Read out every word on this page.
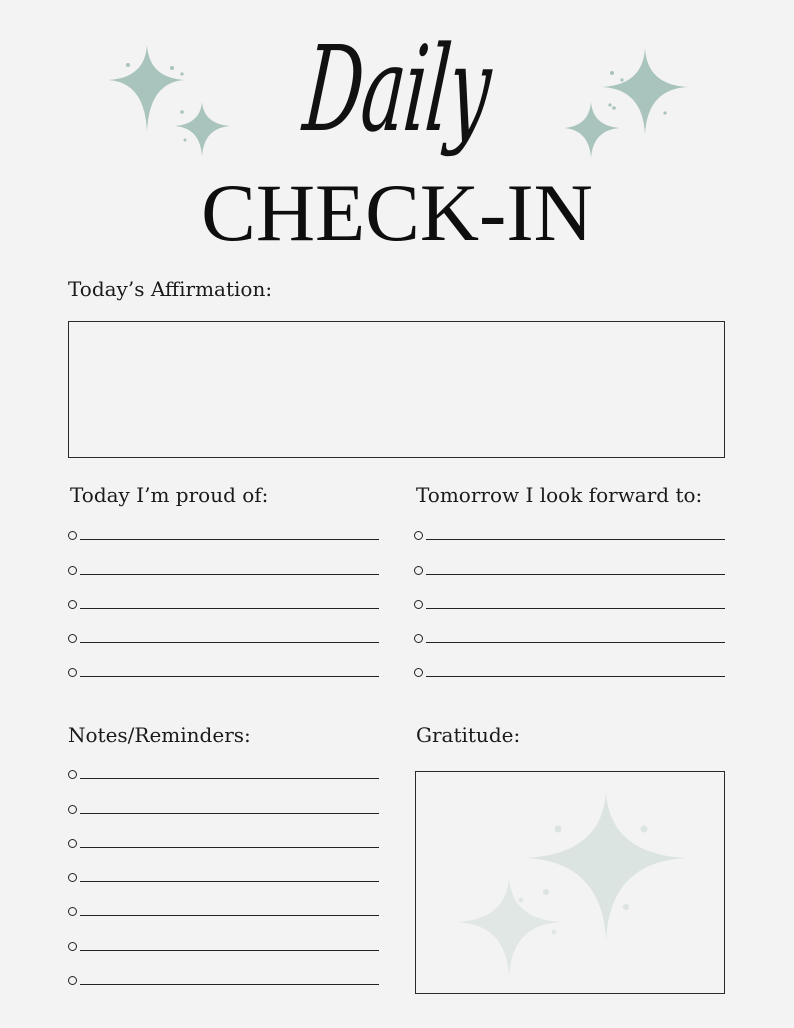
Daily
CHECK-IN
Today’s Affirmation:
Today I’m proud of:	Tomorrow I look forward to:
Notes/Reminders:	Gratitude:
